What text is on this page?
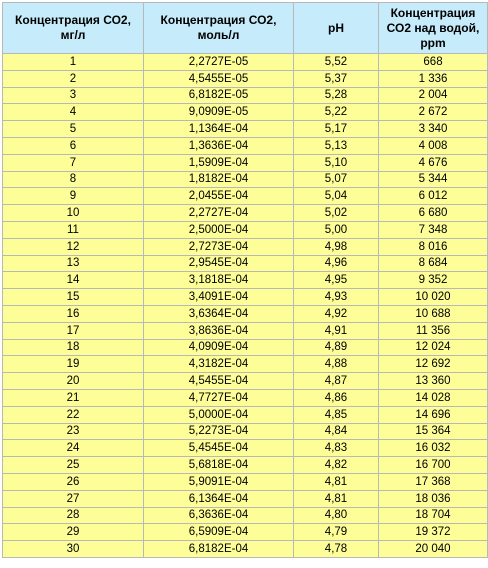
Концентрация СО2,
мг/л	Концентрация СО2,
моль/л	pH	Концентрация
СО2 над водой,
ppm
1	2,2727E-05	5,52	668
2	4,5455E-05	5,37	1 336
3	6,8182E-05	5,28	2 004
4	9,0909E-05	5,22	2 672
5	1,1364E-04	5,17	3 340
6	1,3636E-04	5,13	4 008
7	1,5909E-04	5,10	4 676
8	1,8182E-04	5,07	5 344
9	2,0455E-04	5,04	6 012
10	2,2727E-04	5,02	6 680
11	2,5000E-04	5,00	7 348
12	2,7273E-04	4,98	8 016
13	2,9545E-04	4,96	8 684
14	3,1818E-04	4,95	9 352
15	3,4091E-04	4,93	10 020
16	3,6364E-04	4,92	10 688
17	3,8636E-04	4,91	11 356
18	4,0909E-04	4,89	12 024
19	4,3182E-04	4,88	12 692
20	4,5455E-04	4,87	13 360
21	4,7727E-04	4,86	14 028
22	5,0000E-04	4,85	14 696
23	5,2273E-04	4,84	15 364
24	5,4545E-04	4,83	16 032
25	5,6818E-04	4,82	16 700
26	5,9091E-04	4,81	17 368
27	6,1364E-04	4,81	18 036
28	6,3636E-04	4,80	18 704
29	6,5909E-04	4,79	19 372
30	6,8182E-04	4,78	20 040
